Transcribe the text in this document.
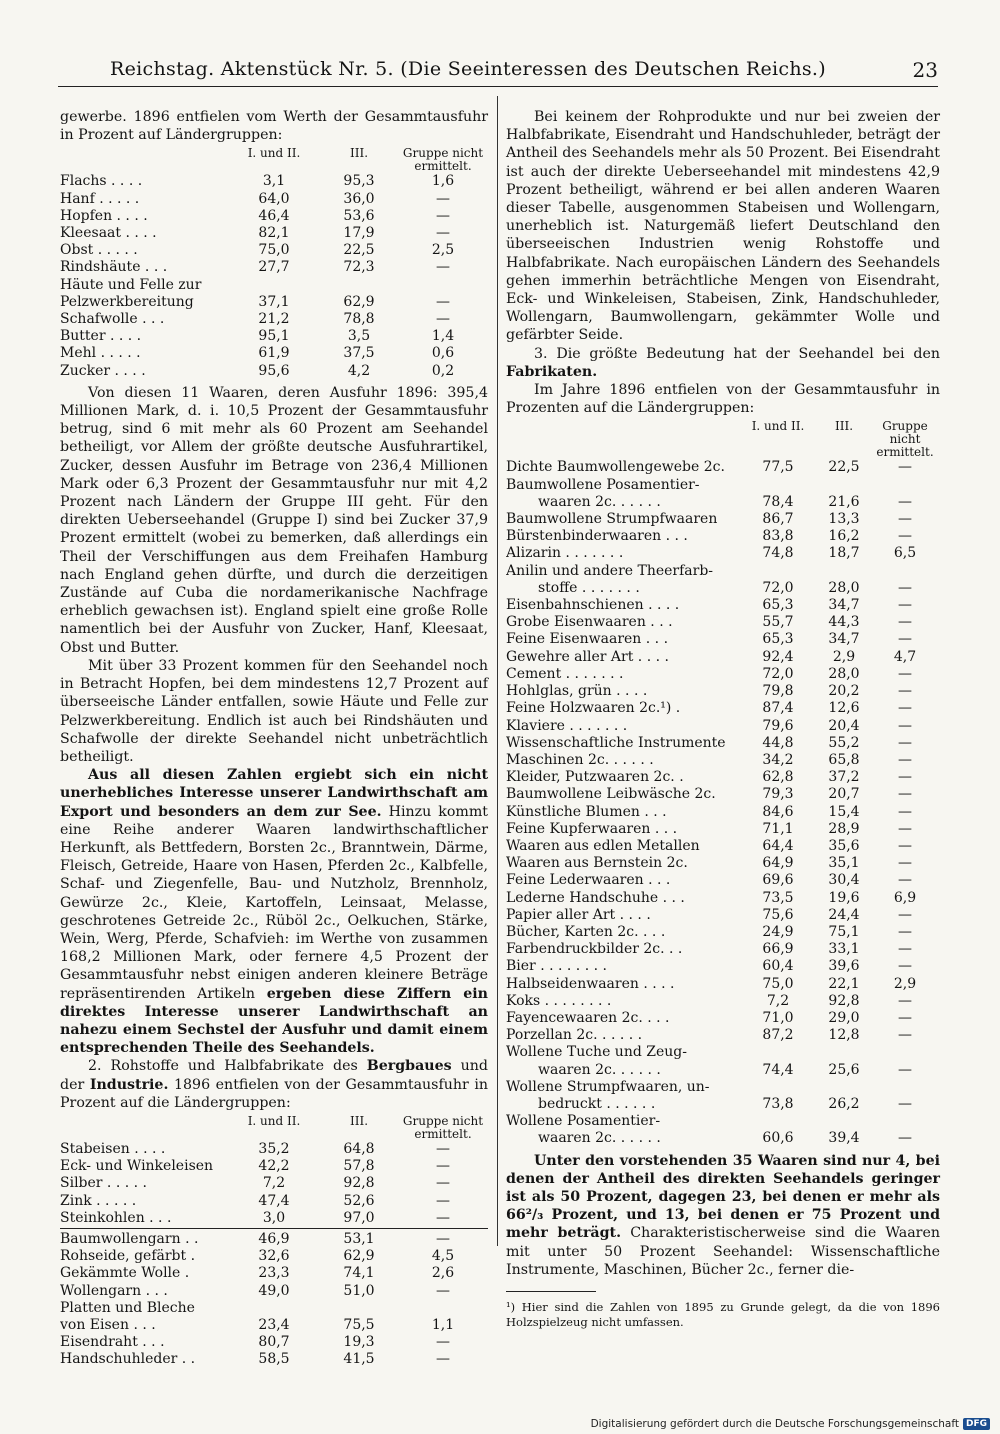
Reichstag. Aktenstück Nr. 5. (Die Seeinteressen des Deutschen Reichs.)	23

gewerbe. 1896 entfielen vom Werth der Gesammtausfuhr in Prozent auf Ländergruppen:

I. und II.	III.	Gruppe nicht ermittelt.
Flachs . . . .	3,1	95,3	1,6
Hanf . . . . .	64,0	36,0	—
Hopfen . . . .	46,4	53,6	—
Kleesaat . . . .	82,1	17,9	—
Obst . . . . .	75,0	22,5	2,5
Rindshäute . . .	27,7	72,3	—
Häute und Felle zur
Pelzwerkbereitung	37,1	62,9	—
Schafwolle . . .	21,2	78,8	—
Butter . . . .	95,1	3,5	1,4
Mehl . . . . .	61,9	37,5	0,6
Zucker . . . .	95,6	4,2	0,2

Von diesen 11 Waaren, deren Ausfuhr 1896: 395,4 Millionen Mark, d. i. 10,5 Prozent der Gesammtausfuhr betrug, sind 6 mit mehr als 60 Prozent am Seehandel betheiligt, vor Allem der größte deutsche Ausfuhrartikel, Zucker, dessen Ausfuhr im Betrage von 236,4 Millionen Mark oder 6,3 Prozent der Gesammtausfuhr nur mit 4,2 Prozent nach Ländern der Gruppe III geht. Für den direkten Ueberseehandel (Gruppe I) sind bei Zucker 37,9 Prozent ermittelt (wobei zu bemerken, daß allerdings ein Theil der Verschiffungen aus dem Freihafen Hamburg nach England gehen dürfte, und durch die derzeitigen Zustände auf Cuba die nordamerikanische Nachfrage erheblich gewachsen ist). England spielt eine große Rolle namentlich bei der Ausfuhr von Zucker, Hanf, Kleesaat, Obst und Butter.

Mit über 33 Prozent kommen für den Seehandel noch in Betracht Hopfen, bei dem mindestens 12,7 Prozent auf überseeische Länder entfallen, sowie Häute und Felle zur Pelzwerkbereitung. Endlich ist auch bei Rindshäuten und Schafwolle der direkte Seehandel nicht unbeträchtlich betheiligt.

Aus all diesen Zahlen ergiebt sich ein nicht unerhebliches Interesse unserer Landwirthschaft am Export und besonders an dem zur See. Hinzu kommt eine Reihe anderer Waaren landwirthschaftlicher Herkunft, als Bettfedern, Borsten 2c., Branntwein, Därme, Fleisch, Getreide, Haare von Hasen, Pferden 2c., Kalbfelle, Schaf- und Ziegenfelle, Bau- und Nutzholz, Brennholz, Gewürze 2c., Kleie, Kartoffeln, Leinsaat, Melasse, geschrotenes Getreide 2c., Rüböl 2c., Oelkuchen, Stärke, Wein, Werg, Pferde, Schafvieh: im Werthe von zusammen 168,2 Millionen Mark, oder fernere 4,5 Prozent der Gesammtausfuhr nebst einigen anderen kleinere Beträge repräsentirenden Artikeln ergeben diese Ziffern ein direktes Interesse unserer Landwirthschaft an nahezu einem Sechstel der Ausfuhr und damit einem entsprechenden Theile des Seehandels.

2. Rohstoffe und Halbfabrikate des Bergbaues und der Industrie. 1896 entfielen von der Gesammtausfuhr in Prozent auf die Ländergruppen:

I. und II.	III.	Gruppe nicht ermittelt.
Stabeisen . . . .	35,2	64,8	—
Eck- und Winkeleisen	42,2	57,8	—
Silber . . . . .	7,2	92,8	—
Zink . . . . .	47,4	52,6	—
Steinkohlen . . .	3,0	97,0	—
Baumwollengarn . .	46,9	53,1	—
Rohseide, gefärbt .	32,6	62,9	4,5
Gekämmte Wolle .	23,3	74,1	2,6
Wollengarn . . .	49,0	51,0	—
Platten und Bleche
von Eisen . . .	23,4	75,5	1,1
Eisendraht . . .	80,7	19,3	—
Handschuhleder . .	58,5	41,5	—

Bei keinem der Rohprodukte und nur bei zweien der Halbfabrikate, Eisendraht und Handschuhleder, beträgt der Antheil des Seehandels mehr als 50 Prozent. Bei Eisendraht ist auch der direkte Ueberseehandel mit mindestens 42,9 Prozent betheiligt, während er bei allen anderen Waaren dieser Tabelle, ausgenommen Stabeisen und Wollengarn, unerheblich ist. Naturgemäß liefert Deutschland den überseeischen Industrien wenig Rohstoffe und Halbfabrikate. Nach europäischen Ländern des Seehandels gehen immerhin beträchtliche Mengen von Eisendraht, Eck- und Winkeleisen, Stabeisen, Zink, Handschuhleder, Wollengarn, Baumwollengarn, gekämmter Wolle und gefärbter Seide.

3. Die größte Bedeutung hat der Seehandel bei den Fabrikaten.

Im Jahre 1896 entfielen von der Gesammtausfuhr in Prozenten auf die Ländergruppen:

I. und II.	III.	Gruppe nicht ermittelt.
Dichte Baumwollengewebe 2c.	77,5	22,5	—
Baumwollene Posamentier-
waaren 2c. . . . . .	78,4	21,6	—
Baumwollene Strumpfwaaren	86,7	13,3	—
Bürstenbinderwaaren . . .	83,8	16,2	—
Alizarin . . . . . . .	74,8	18,7	6,5
Anilin und andere Theerfarb-
stoffe . . . . . . .	72,0	28,0	—
Eisenbahnschienen . . . .	65,3	34,7	—
Grobe Eisenwaaren . . .	55,7	44,3	—
Feine Eisenwaaren . . .	65,3	34,7	—
Gewehre aller Art . . . .	92,4	2,9	4,7
Cement . . . . . . .	72,0	28,0	—
Hohlglas, grün . . . .	79,8	20,2	—
Feine Holzwaaren 2c.¹) .	87,4	12,6	—
Klaviere . . . . . . .	79,6	20,4	—
Wissenschaftliche Instrumente	44,8	55,2	—
Maschinen 2c. . . . . .	34,2	65,8	—
Kleider, Putzwaaren 2c. .	62,8	37,2	—
Baumwollene Leibwäsche 2c.	79,3	20,7	—
Künstliche Blumen . . .	84,6	15,4	—
Feine Kupferwaaren . . .	71,1	28,9	—
Waaren aus edlen Metallen	64,4	35,6	—
Waaren aus Bernstein 2c.	64,9	35,1	—
Feine Lederwaaren . . .	69,6	30,4	—
Lederne Handschuhe . . .	73,5	19,6	6,9
Papier aller Art . . . .	75,6	24,4	—
Bücher, Karten 2c. . . .	24,9	75,1	—
Farbendruckbilder 2c. . .	66,9	33,1	—
Bier . . . . . . . .	60,4	39,6	—
Halbseidenwaaren . . . .	75,0	22,1	2,9
Koks . . . . . . . .	7,2	92,8	—
Fayencewaaren 2c. . . .	71,0	29,0	—
Porzellan 2c. . . . . .	87,2	12,8	—
Wollene Tuche und Zeug-
waaren 2c. . . . . .	74,4	25,6	—
Wollene Strumpfwaaren, un-
bedruckt . . . . . .	73,8	26,2	—
Wollene Posamentier-
waaren 2c. . . . . .	60,6	39,4	—

Unter den vorstehenden 35 Waaren sind nur 4, bei denen der Antheil des direkten Seehandels geringer ist als 50 Prozent, dagegen 23, bei denen er mehr als 66²/₃ Prozent, und 13, bei denen er 75 Prozent und mehr beträgt. Charakteristischerweise sind die Waaren mit unter 50 Prozent Seehandel: Wissenschaftliche Instrumente, Maschinen, Bücher 2c., ferner die-

¹) Hier sind die Zahlen von 1895 zu Grunde gelegt, da die von 1896 Holzspielzeug nicht umfassen.

Digitalisierung gefördert durch die Deutsche Forschungsgemeinschaft DFG
